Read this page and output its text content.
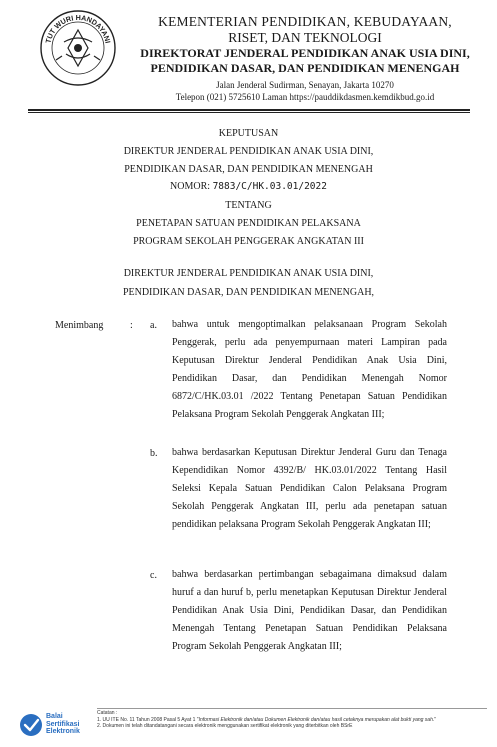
TUT WURI HANDAYANI
KEMENTERIAN PENDIDIKAN, KEBUDAYAAN,
RISET, DAN TEKNOLOGI
DIREKTORAT JENDERAL PENDIDIKAN ANAK USIA DINI,
PENDIDIKAN DASAR, DAN PENDIDIKAN MENENGAH
Jalan Jenderal Sudirman, Senayan, Jakarta 10270
Telepon (021) 5725610 Laman https://pauddikdasmen.kemdikbud.go.id
KEPUTUSAN
DIREKTUR JENDERAL PENDIDIKAN ANAK USIA DINI,
PENDIDIKAN DASAR, DAN PENDIDIKAN MENENGAH
NOMOR: 7883/C/HK.03.01/2022
TENTANG
PENETAPAN SATUAN PENDIDIKAN PELAKSANA
PROGRAM SEKOLAH PENGGERAK ANGKATAN III
DIREKTUR JENDERAL PENDIDIKAN ANAK USIA DINI,
PENDIDIKAN DASAR, DAN PENDIDIKAN MENENGAH,
Menimbang	: a. bahwa untuk mengoptimalkan pelaksanaan Program Sekolah Penggerak, perlu ada penyempurnaan materi Lampiran pada Keputusan Direktur Jenderal Pendidikan Anak Usia Dini, Pendidikan Dasar, dan Pendidikan Menengah Nomor 6872/C/HK.03.01 /2022 Tentang Penetapan Satuan Pendidikan Pelaksana Program Sekolah Penggerak Angkatan III;
b. bahwa berdasarkan Keputusan Direktur Jenderal Guru dan Tenaga Kependidikan Nomor 4392/B/ HK.03.01/2022 Tentang Hasil Seleksi Kepala Satuan Pendidikan Calon Pelaksana Program Sekolah Penggerak Angkatan III, perlu ada penetapan satuan pendidikan pelaksana Program Sekolah Penggerak Angkatan III;
c. bahwa berdasarkan pertimbangan sebagaimana dimaksud dalam huruf a dan huruf b, perlu menetapkan Keputusan Direktur Jenderal Pendidikan Anak Usia Dini, Pendidikan Dasar, dan Pendidikan Menengah Tentang Penetapan Satuan Pendidikan Pelaksana Program Sekolah Penggerak Angkatan III;
Balai
Sertifikasi
Elektronik
Catatan :
1. UU ITE No. 11 Tahun 2008 Pasal 5 Ayat 1 "Informasi Elektronik dan/atau Dokumen Elektronik dan/atau hasil cetaknya merupakan alat bukti yang sah."
2. Dokumen ini telah ditandatangani secara elektronik menggunakan sertifikat elektronik yang diterbitkan oleh BSrE
